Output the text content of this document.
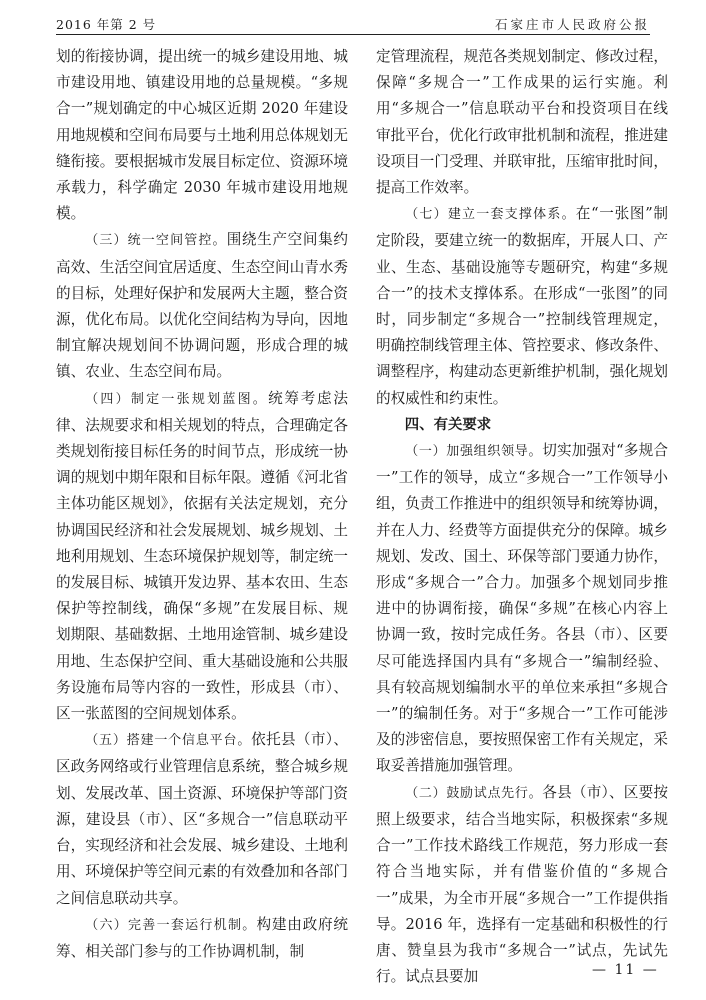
2016 年第 2 号	石家庄市人民政府公报

划的衔接协调，提出统一的城乡建设用地、城市建设用地、镇建设用地的总量规模。“多规合一”规划确定的中心城区近期 2020 年建设用地规模和空间布局要与土地利用总体规划无缝衔接。要根据城市发展目标定位、资源环境承载力，科学确定 2030 年城市建设用地规模。

（三）统一空间管控。围绕生产空间集约高效、生活空间宜居适度、生态空间山青水秀的目标，处理好保护和发展两大主题，整合资源，优化布局。以优化空间结构为导向，因地制宜解决规划间不协调问题，形成合理的城镇、农业、生态空间布局。

（四）制定一张规划蓝图。统筹考虑法律、法规要求和相关规划的特点，合理确定各类规划衔接目标任务的时间节点，形成统一协调的规划中期年限和目标年限。遵循《河北省主体功能区规划》，依据有关法定规划，充分协调国民经济和社会发展规划、城乡规划、土地利用规划、生态环境保护规划等，制定统一的发展目标、城镇开发边界、基本农田、生态保护等控制线，确保“多规”在发展目标、规划期限、基础数据、土地用途管制、城乡建设用地、生态保护空间、重大基础设施和公共服务设施布局等内容的一致性，形成县（市）、区一张蓝图的空间规划体系。

（五）搭建一个信息平台。依托县（市）、区政务网络或行业管理信息系统，整合城乡规划、发展改革、国土资源、环境保护等部门资源，建设县（市）、区“多规合一”信息联动平台，实现经济和社会发展、城乡建设、土地利用、环境保护等空间元素的有效叠加和各部门之间信息联动共享。

（六）完善一套运行机制。构建由政府统筹、相关部门参与的工作协调机制，制

定管理流程，规范各类规划制定、修改过程，保障“多规合一”工作成果的运行实施。利用“多规合一”信息联动平台和投资项目在线审批平台，优化行政审批机制和流程，推进建设项目一门受理、并联审批，压缩审批时间，提高工作效率。

（七）建立一套支撑体系。在“一张图”制定阶段，要建立统一的数据库，开展人口、产业、生态、基础设施等专题研究，构建“多规合一”的技术支撑体系。在形成“一张图”的同时，同步制定“多规合一”控制线管理规定，明确控制线管理主体、管控要求、修改条件、调整程序，构建动态更新维护机制，强化规划的权威性和约束性。

四、有关要求

（一）加强组织领导。切实加强对“多规合一”工作的领导，成立“多规合一”工作领导小组，负责工作推进中的组织领导和统筹协调，并在人力、经费等方面提供充分的保障。城乡规划、发改、国土、环保等部门要通力协作，形成“多规合一”合力。加强多个规划同步推进中的协调衔接，确保“多规”在核心内容上协调一致，按时完成任务。各县（市）、区要尽可能选择国内具有“多规合一”编制经验、具有较高规划编制水平的单位来承担“多规合一”的编制任务。对于“多规合一”工作可能涉及的涉密信息，要按照保密工作有关规定，采取妥善措施加强管理。

（二）鼓励试点先行。各县（市）、区要按照上级要求，结合当地实际，积极探索“多规合一”工作技术路线工作规范，努力形成一套符合当地实际，并有借鉴价值的“多规合一”成果，为全市开展“多规合一”工作提供指导。2016 年，选择有一定基础和积极性的行唐、赞皇县为我市“多规合一”试点，先试先行。试点县要加	— 11 —
